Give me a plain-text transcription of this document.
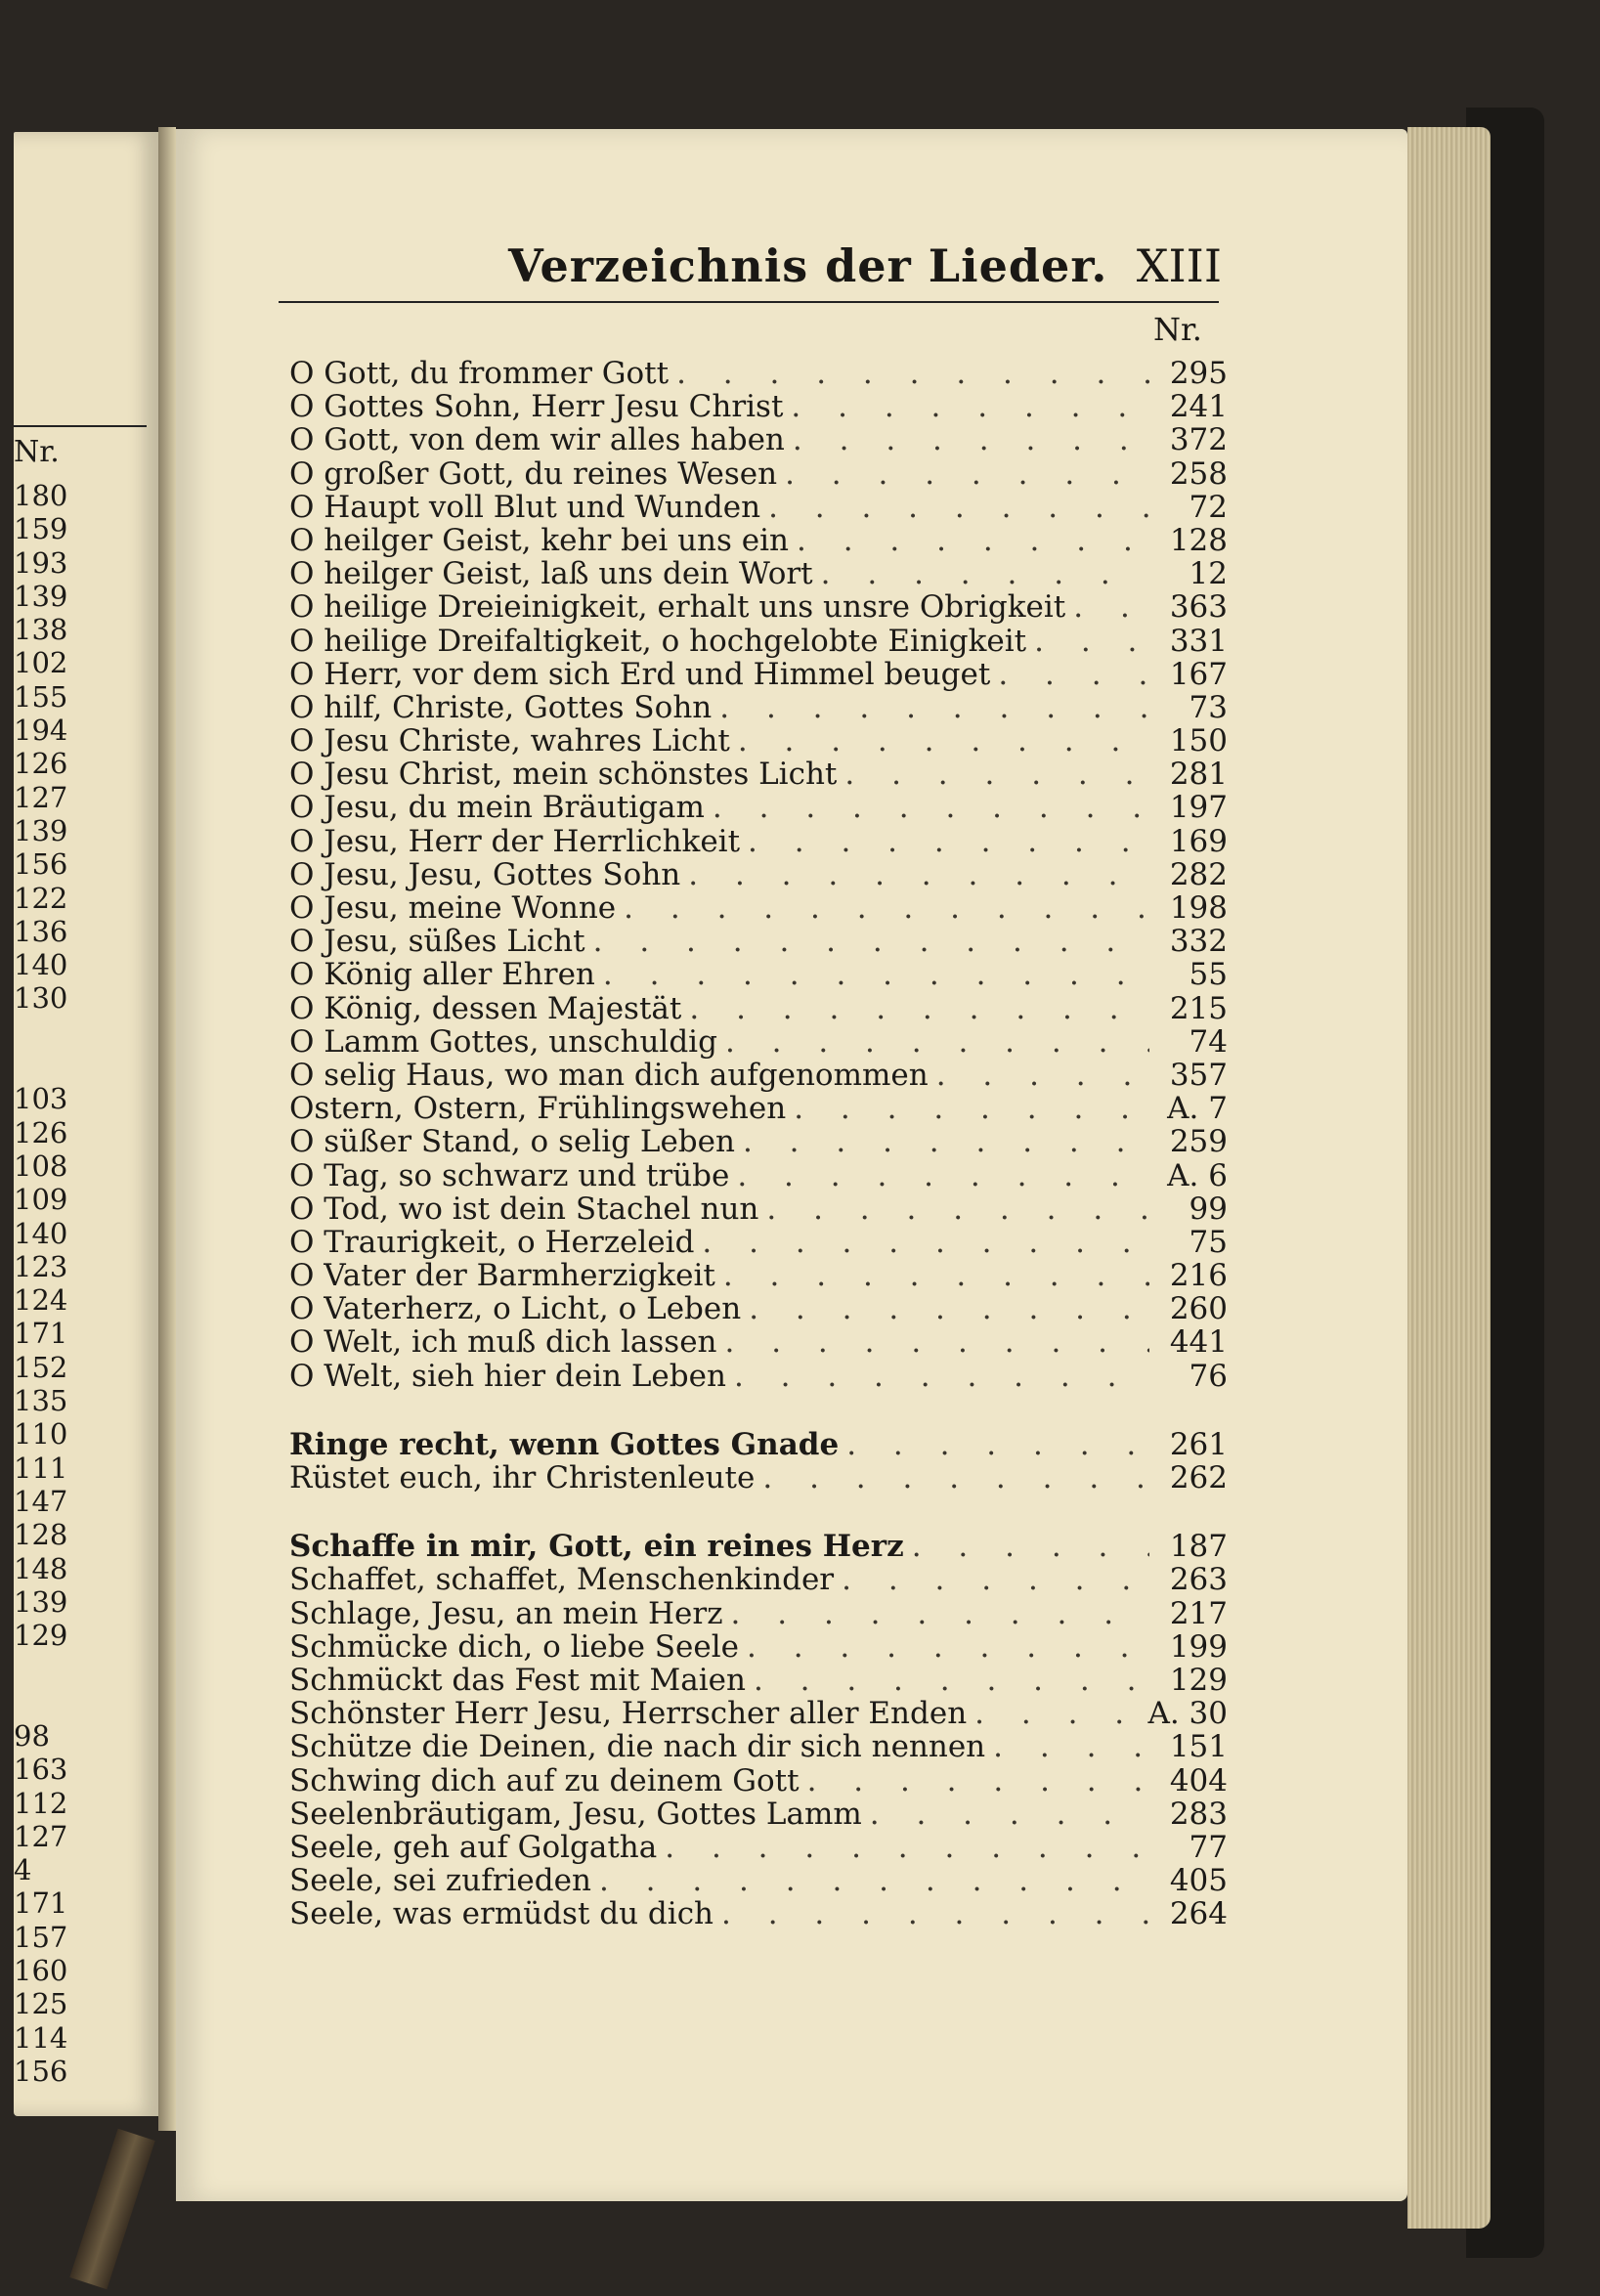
Nr.
180
159
193
139
138
102
155
194
126
127
139
156
122
136
140
130
103
126
108
109
140
123
124
171
152
135
110
111
147
128
148
139
129
98
163
112
127
4
171
157
160
125
114
156
Verzeichnis der Lieder. XIII
Nr.
O Gott, du frommer Gott . . .	295
O Gottes Sohn, Herr Jesu Christ . . .	241
O Gott, von dem wir alles haben . . .	372
O großer Gott, du reines Wesen . . .	258
O Haupt voll Blut und Wunden . . .	72
O heilger Geist, kehr bei uns ein . . .	128
O heilger Geist, laß uns dein Wort . . .	12
O heilige Dreieinigkeit, erhalt uns unsre Obrigkeit . . .	363
O heilige Dreifaltigkeit, o hochgelobte Einigkeit . . .	331
O Herr, vor dem sich Erd und Himmel beuget . . .	167
O hilf, Christe, Gottes Sohn . . .	73
O Jesu Christe, wahres Licht . . .	150
O Jesu Christ, mein schönstes Licht . . .	281
O Jesu, du mein Bräutigam . . .	197
O Jesu, Herr der Herrlichkeit . . .	169
O Jesu, Jesu, Gottes Sohn . . .	282
O Jesu, meine Wonne . . .	198
O Jesu, süßes Licht . . .	332
O König aller Ehren . . .	55
O König, dessen Majestät . . .	215
O Lamm Gottes, unschuldig . . .	74
O selig Haus, wo man dich aufgenommen . . .	357
Ostern, Ostern, Frühlingswehen . . .	A. 7
O süßer Stand, o selig Leben . . .	259
O Tag, so schwarz und trübe . . .	A. 6
O Tod, wo ist dein Stachel nun . . .	99
O Traurigkeit, o Herzeleid . . .	75
O Vater der Barmherzigkeit . . .	216
O Vaterherz, o Licht, o Leben . . .	260
O Welt, ich muß dich lassen . . .	441
O Welt, sieh hier dein Leben . . .	76
Ringe recht, wenn Gottes Gnade . . .	261
Rüstet euch, ihr Christenleute . . .	262
Schaffe in mir, Gott, ein reines Herz . . .	187
Schaffet, schaffet, Menschenkinder . . .	263
Schlage, Jesu, an mein Herz . . .	217
Schmücke dich, o liebe Seele . . .	199
Schmückt das Fest mit Maien . . .	129
Schönster Herr Jesu, Herrscher aller Enden . . .	A. 30
Schütze die Deinen, die nach dir sich nennen . . .	151
Schwing dich auf zu deinem Gott . . .	404
Seelenbräutigam, Jesu, Gottes Lamm . . .	283
Seele, geh auf Golgatha . . .	77
Seele, sei zufrieden . . .	405
Seele, was ermüdst du dich . . .	264
